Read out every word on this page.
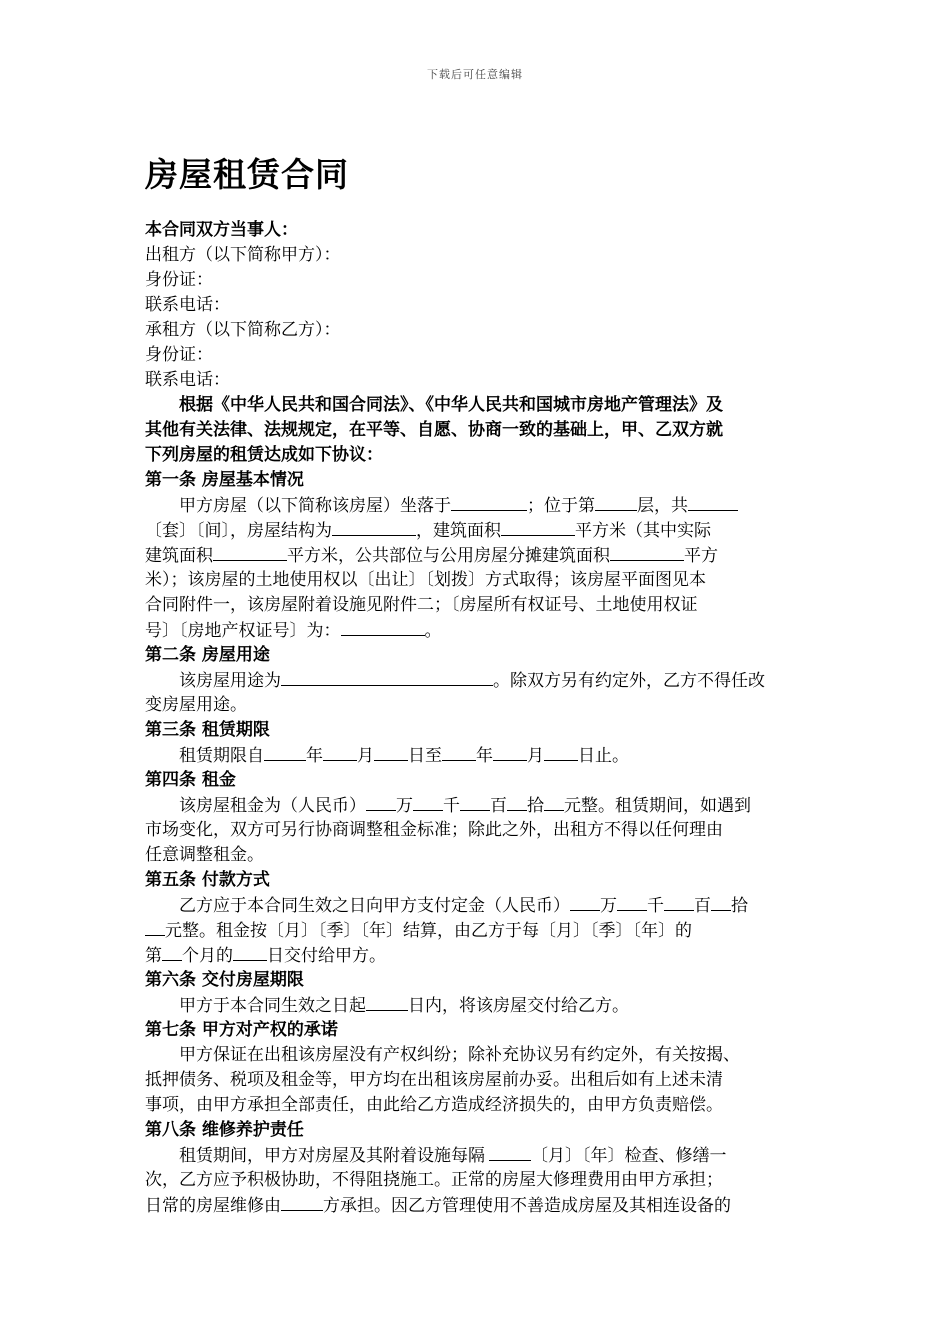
下载后可任意编辑
房屋租赁合同
本合同双方当事人：
出租方（以下简称甲方）：
身份证：
联系电话：
承租方（以下简称乙方）：
身份证：
联系电话：
根据《中华人民共和国合同法》、《中华人民共和国城市房地产管理法》及
其他有关法律、法规规定，在平等、自愿、协商一致的基础上，甲、乙双方就
下列房屋的租赁达成如下协议：
第一条 房屋基本情况
甲方房屋（以下简称该房屋）坐落于	；位于第 层，共
〔套〕〔间〕，房屋结构为	，建筑面积	平方米（其中实际
建筑面积	平方米，公共部位与公用房屋分摊建筑面积	平方
米）；该房屋的土地使用权以〔出让〕〔划拨〕方式取得；该房屋平面图见本
合同附件一，该房屋附着设施见附件二；〔房屋所有权证号、土地使用权证
号〕〔房地产权证号〕为：	。
第二条 房屋用途
该房屋用途为	。除双方另有约定外，乙方不得任改
变房屋用途。
第三条 租赁期限
租赁期限自 年 月 日至 年 月 日止。
第四条 租金
该房屋租金为（人民币） 万 千 百 拾 元整。租赁期间，如遇到
市场变化，双方可另行协商调整租金标准；除此之外，出租方不得以任何理由
任意调整租金。
第五条 付款方式
乙方应于本合同生效之日向甲方支付定金（人民币） 万 千 百 拾
元整。租金按〔月〕〔季〕〔年〕结算，由乙方于每〔月〕〔季〕〔年〕的
第 个月的 日交付给甲方。
第六条 交付房屋期限
甲方于本合同生效之日起 日内，将该房屋交付给乙方。
第七条 甲方对产权的承诺
甲方保证在出租该房屋没有产权纠纷；除补充协议另有约定外，有关按揭、
抵押债务、税项及租金等，甲方均在出租该房屋前办妥。出租后如有上述未清
事项，由甲方承担全部责任，由此给乙方造成经济损失的，由甲方负责赔偿。
第八条 维修养护责任
租赁期间，甲方对房屋及其附着设施每隔	〔月〕〔年〕检查、修缮一
次，乙方应予积极协助，不得阻挠施工。正常的房屋大修理费用由甲方承担；
日常的房屋维修由 方承担。因乙方管理使用不善造成房屋及其相连设备的
